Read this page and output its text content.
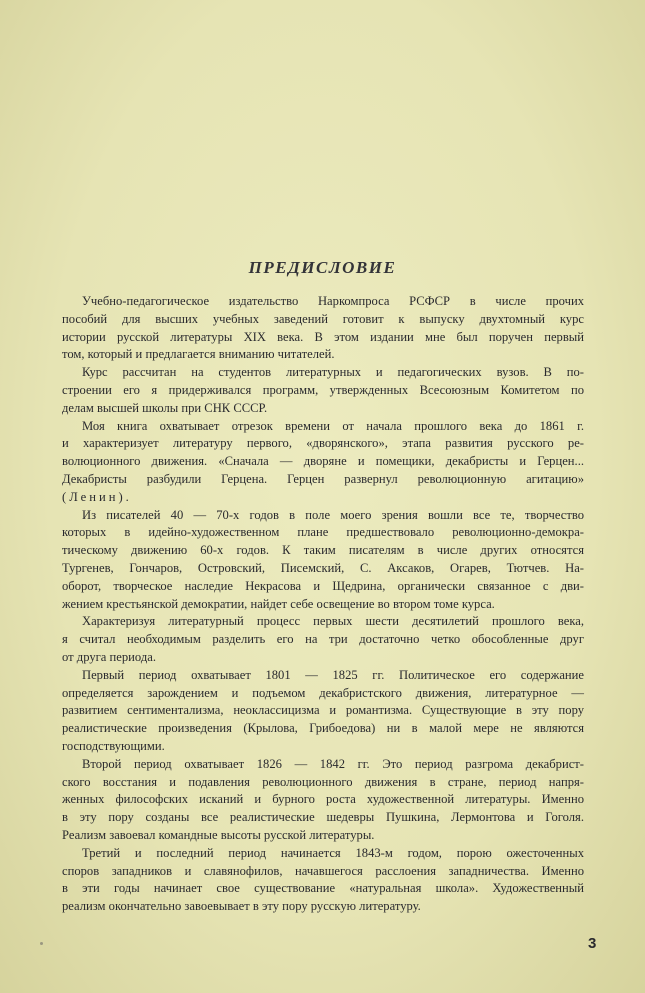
ПРЕДИСЛОВИЕ
Учебно-педагогическое издательство Наркомпроса РСФСР в числе прочих
пособий для высших учебных заведений готовит к выпуску двухтомный курс
истории русской литературы XIX века. В этом издании мне был поручен первый
том, который и предлагается вниманию читателей.
Курс рассчитан на студентов литературных и педагогических вузов. В по-
строении его я придерживался программ, утвержденных Всесоюзным Комитетом по
делам высшей школы при СНК СССР.
Моя книга охватывает отрезок времени от начала прошлого века до 1861 г.
и характеризует литературу первого, «дворянского», этапа развития русского ре-
волюционного движения. «Сначала — дворяне и помещики, декабристы и Герцен...
Декабристы разбудили Герцена. Герцен развернул революционную агитацию»
(Ленин).
Из писателей 40 — 70-х годов в поле моего зрения вошли все те, творчество
которых в идейно-художественном плане предшествовало революционно-демокра-
тическому движению 60-х годов. К таким писателям в числе других относятся
Тургенев, Гончаров, Островский, Писемский, С. Аксаков, Огарев, Тютчев. На-
оборот, творческое наследие Некрасова и Щедрина, органически связанное с дви-
жением крестьянской демократии, найдет себе освещение во втором томе курса.
Характеризуя литературный процесс первых шести десятилетий прошлого века,
я считал необходимым разделить его на три достаточно четко обособленные друг
от друга периода.
Первый период охватывает 1801 — 1825 гг. Политическое его содержание
определяется зарождением и подъемом декабристского движения, литературное —
развитием сентиментализма, неоклассицизма и романтизма. Существующие в эту пору
реалистические произведения (Крылова, Грибоедова) ни в малой мере не являются
господствующими.
Второй период охватывает 1826 — 1842 гг. Это период разгрома декабрист-
ского восстания и подавления революционного движения в стране, период напря-
женных философских исканий и бурного роста художественной литературы. Именно
в эту пору созданы все реалистические шедевры Пушкина, Лермонтова и Гоголя.
Реализм завоевал командные высоты русской литературы.
Третий и последний период начинается 1843-м годом, порою ожесточенных
споров западников и славянофилов, начавшегося расслоения западничества. Именно
в эти годы начинает свое существование «натуральная школа». Художественный
реализм окончательно завоевывает в эту пору русскую литературу.
3
